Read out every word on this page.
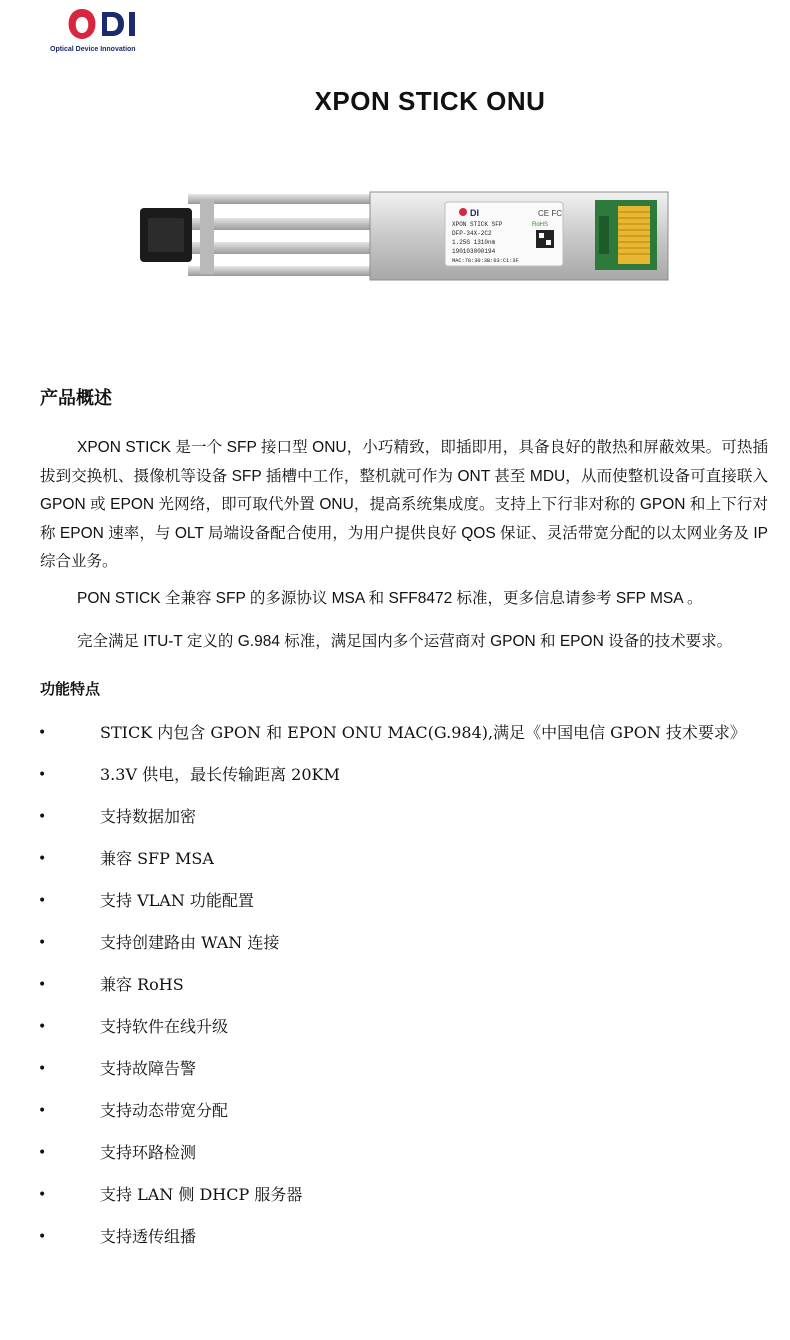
Optical Device Innovation
XPON STICK ONU
DI	CE FC
XPON STICK SFP
DFP-34X-2C2
1.25G 1310nm
190103000194
MAC:78:30:3B:03:C1:3F
RoHS
产品概述

XPON STICK 是一个 SFP 接口型 ONU，小巧精致，即插即用，具备良好的散热和屏蔽效果。可热插拔到交换机、摄像机等设备 SFP 插槽中工作，整机就可作为 ONT 甚至 MDU，从而使整机设备可直接联入 GPON 或 EPON 光网络，即可取代外置 ONU，提高系统集成度。支持上下行非对称的 GPON 和上下行对称 EPON 速率，与 OLT 局端设备配合使用，为用户提供良好 QOS 保证、灵活带宽分配的以太网业务及 IP 综合业务。

PON STICK 全兼容 SFP 的多源协议 MSA 和 SFF8472 标准，更多信息请参考 SFP MSA 。

完全满足 ITU-T 定义的 G.984 标准，满足国内多个运营商对 GPON 和 EPON 设备的技术要求。

功能特点
•	STICK 内包含 GPON 和 EPON ONU MAC(G.984),满足《中国电信 GPON 技术要求》
•	3.3V 供电，最长传输距离 20KM
•	支持数据加密
•	兼容 SFP MSA
•	支持 VLAN 功能配置
•	支持创建路由 WAN 连接
•	兼容 RoHS
•	支持软件在线升级
•	支持故障告警
•	支持动态带宽分配
•	支持环路检测
•	支持 LAN 侧 DHCP 服务器
•	支持透传组播
